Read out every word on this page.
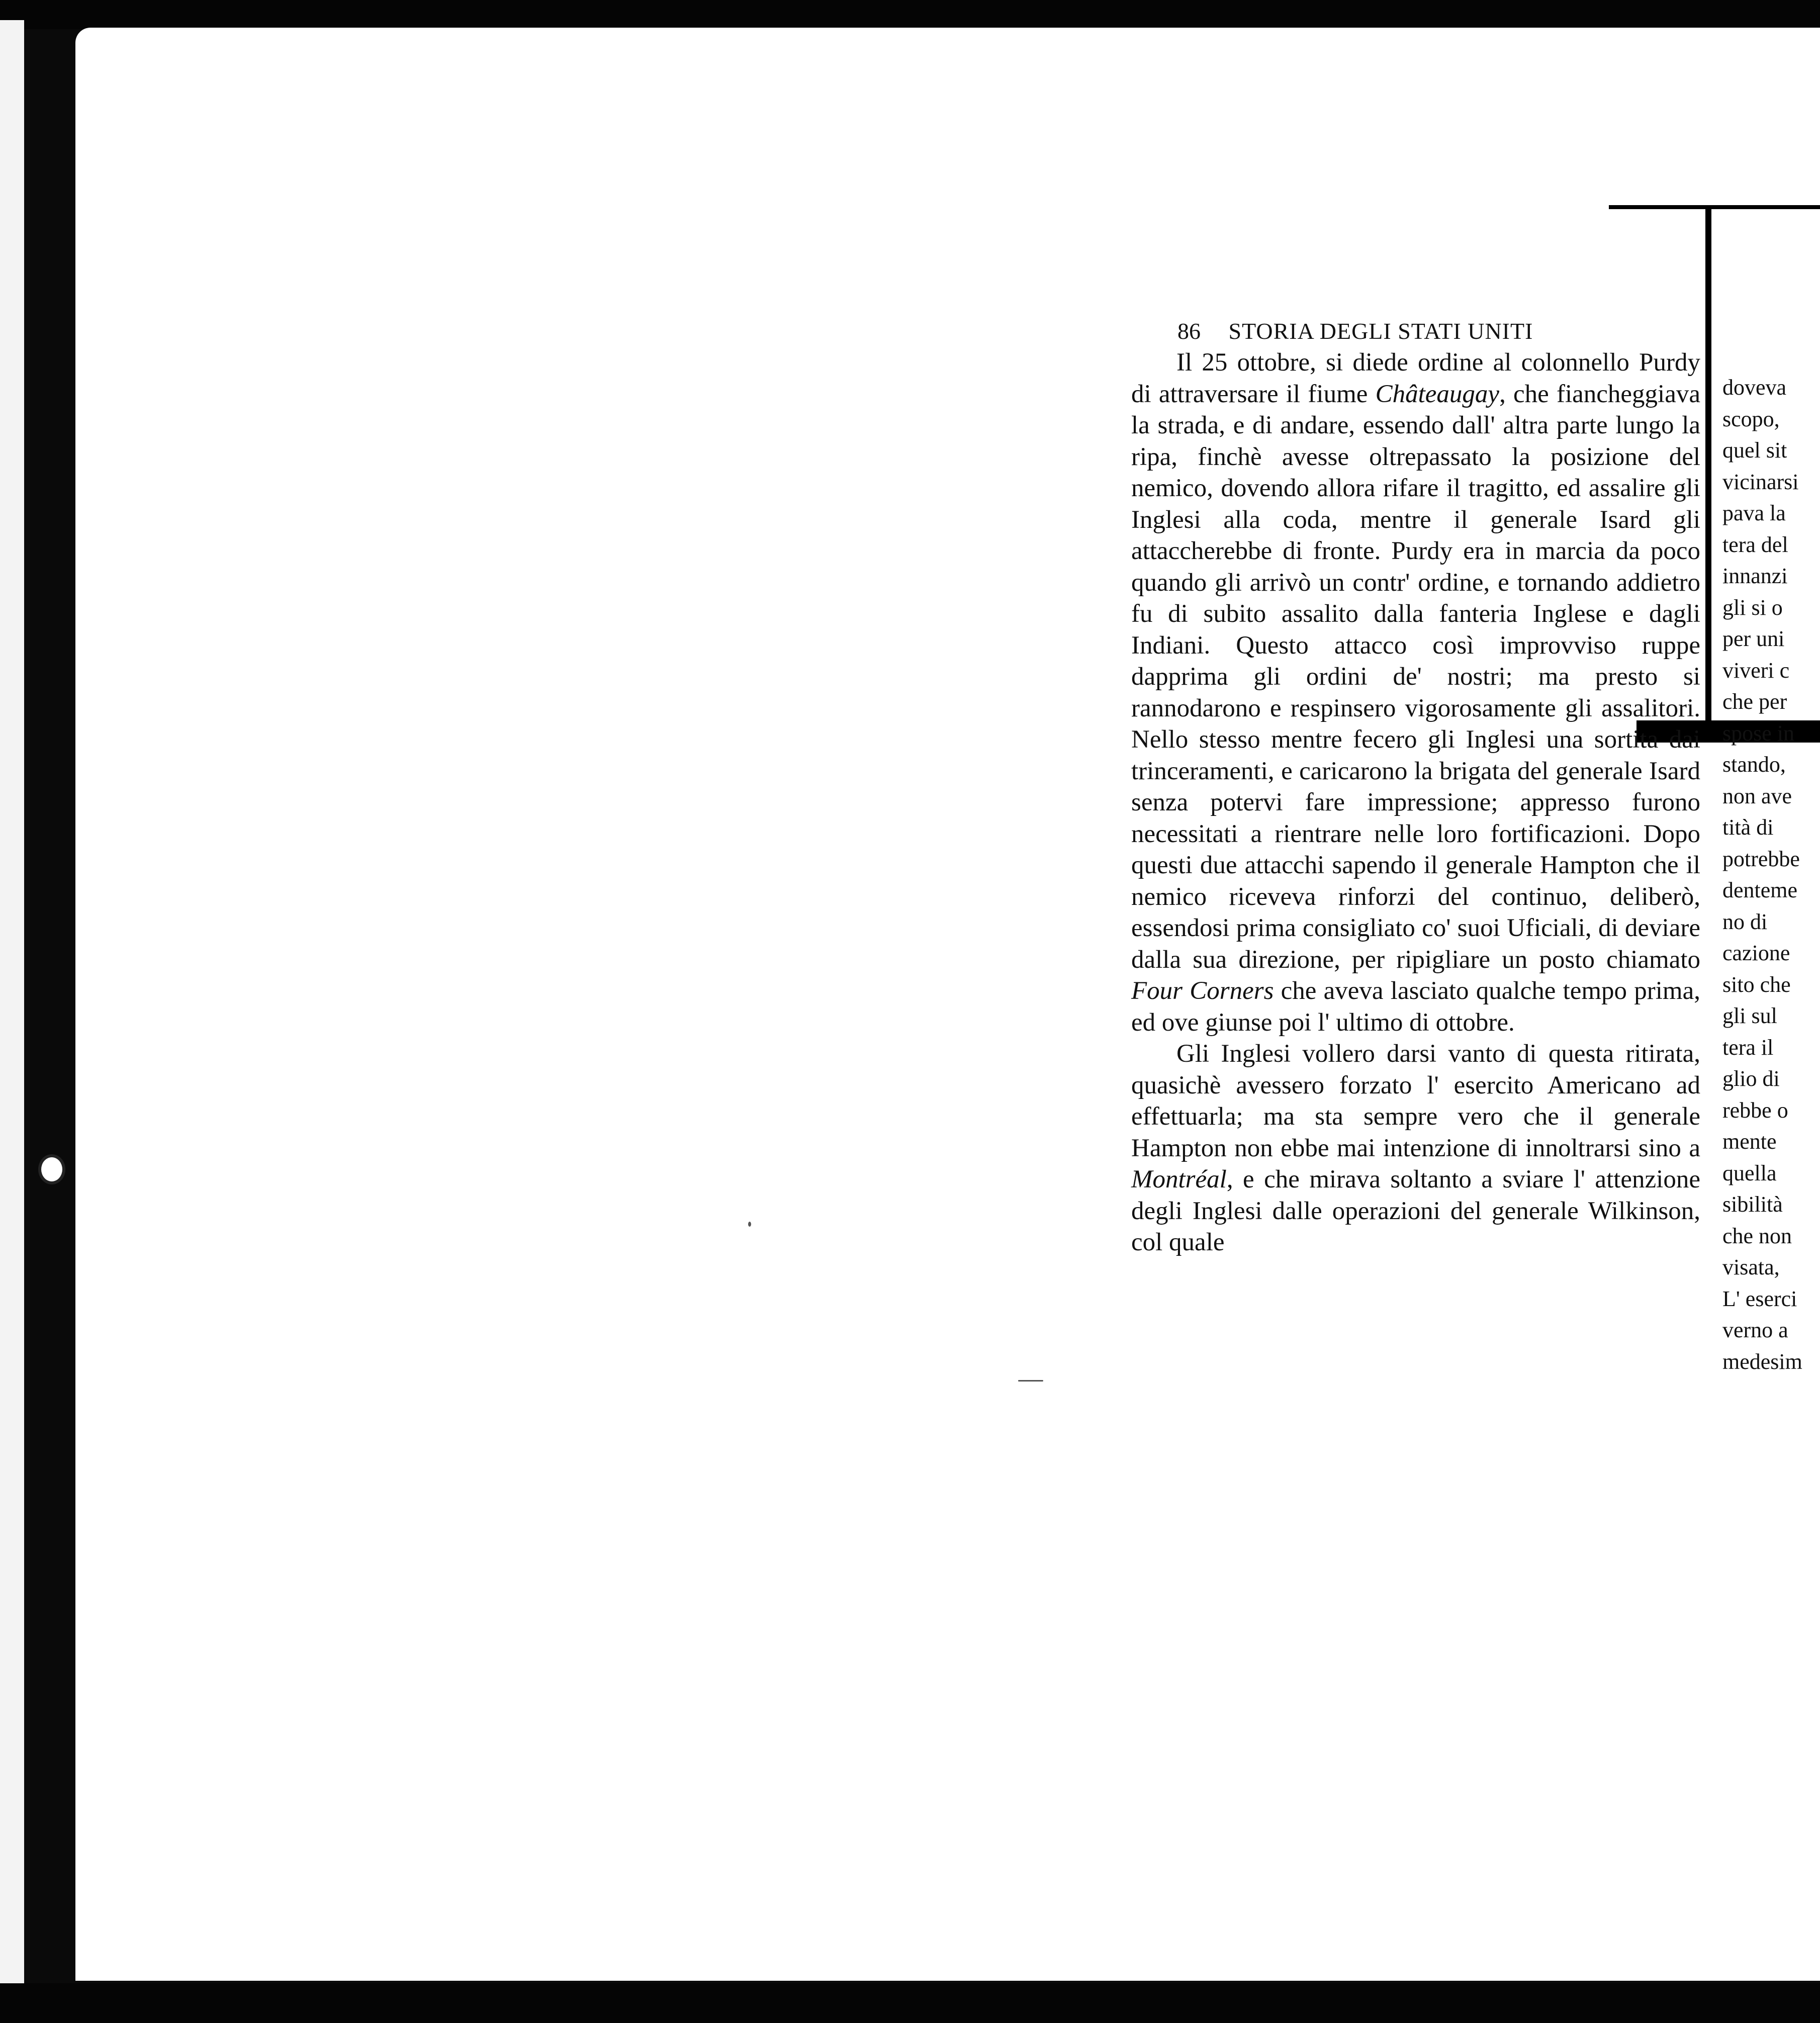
86 STORIA DEGLI STATI UNITI

Il 25 ottobre, si diede ordine al colonnello Purdy di attraversare il fiume Châteaugay, che fiancheggiava la strada, e di andare, essendo dall' altra parte lungo la ripa, finchè avesse oltrepassato la posizione del nemico, dovendo allora rifare il tragitto, ed assalire gli Inglesi alla coda, mentre il generale Isard gli attaccherebbe di fronte. Purdy era in marcia da poco quando gli arrivò un contr' ordine, e tornando addietro fu di subito assalito dalla fanteria Inglese e dagli Indiani. Questo attacco così improvviso ruppe dapprima gli ordini de' nostri; ma presto si rannodarono e respinsero vigorosamente gli assalitori. Nello stesso mentre fecero gli Inglesi una sortita dai trinceramenti, e caricarono la brigata del generale Isard senza potervi fare impressione; appresso furono necessitati a rientrare nelle loro fortificazioni. Dopo questi due attacchi sapendo il generale Hampton che il nemico riceveva rinforzi del continuo, deliberò, essendosi prima consigliato co' suoi Uficiali, di deviare dalla sua direzione, per ripigliare un posto chiamato Four Corners che aveva lasciato qualche tempo prima, ed ove giunse poi l' ultimo di ottobre.

Gli Inglesi vollero darsi vanto di questa ritirata, quasichè avessero forzato l' esercito Americano ad effettuarla; ma sta sempre vero che il generale Hampton non ebbe mai intenzione di innoltrarsi sino a Montréal, e che mirava soltanto a sviare l' attenzione degli Inglesi dalle operazioni del generale Wilkinson, col quale

doveva
scopo,
quel sit
vicinarsi
pava la
tera del
innanzi
gli si o
per uni
viveri c
che per
spose in
stando,
non ave
tità di
potrebbe
denteme
no di
cazione
sito che
gli sul
tera il
glio di
rebbe o
mente
quella
sibilità
che non
visata,
L' eserci
verno a
medesim
